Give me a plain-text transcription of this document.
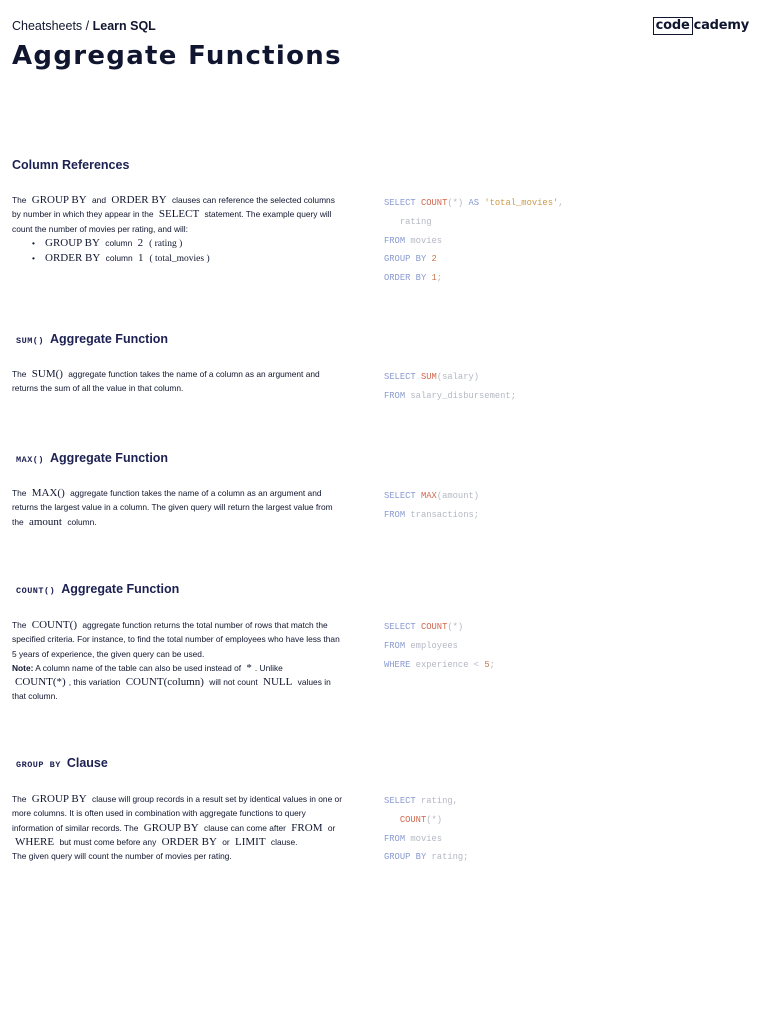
Cheatsheets / Learn SQL	code cademy
Aggregate Functions
Column References
The GROUP BY and ORDER BY clauses can reference the selected columns by number in which they appear in the SELECT statement. The example query will count the number of movies per rating, and will:
• GROUP BY column 2 ( rating )
• ORDER BY column 1 ( total_movies )
SELECT COUNT(*) AS 'total_movies',
rating
FROM movies
GROUP BY 2
ORDER BY 1;
SUM() Aggregate Function
The SUM() aggregate function takes the name of a column as an argument and returns the sum of all the value in that column.
SELECT SUM(salary)
FROM salary_disbursement;
MAX() Aggregate Function
The MAX() aggregate function takes the name of a column as an argument and returns the largest value in a column. The given query will return the largest value from the amount column.
SELECT MAX(amount)
FROM transactions;
COUNT() Aggregate Function
The COUNT() aggregate function returns the total number of rows that match the specified criteria. For instance, to find the total number of employees who have less than 5 years of experience, the given query can be used.
Note: A column name of the table can also be used instead of * . Unlike COUNT(*) , this variation COUNT(column) will not count NULL values in that column.
SELECT COUNT(*)
FROM employees
WHERE experience < 5;
GROUP BY Clause
The GROUP BY clause will group records in a result set by identical values in one or more columns. It is often used in combination with aggregate functions to query information of similar records. The GROUP BY clause can come after FROM or WHERE but must come before any ORDER BY or LIMIT clause.
The given query will count the number of movies per rating.
SELECT rating,
COUNT(*)
FROM movies
GROUP BY rating;
